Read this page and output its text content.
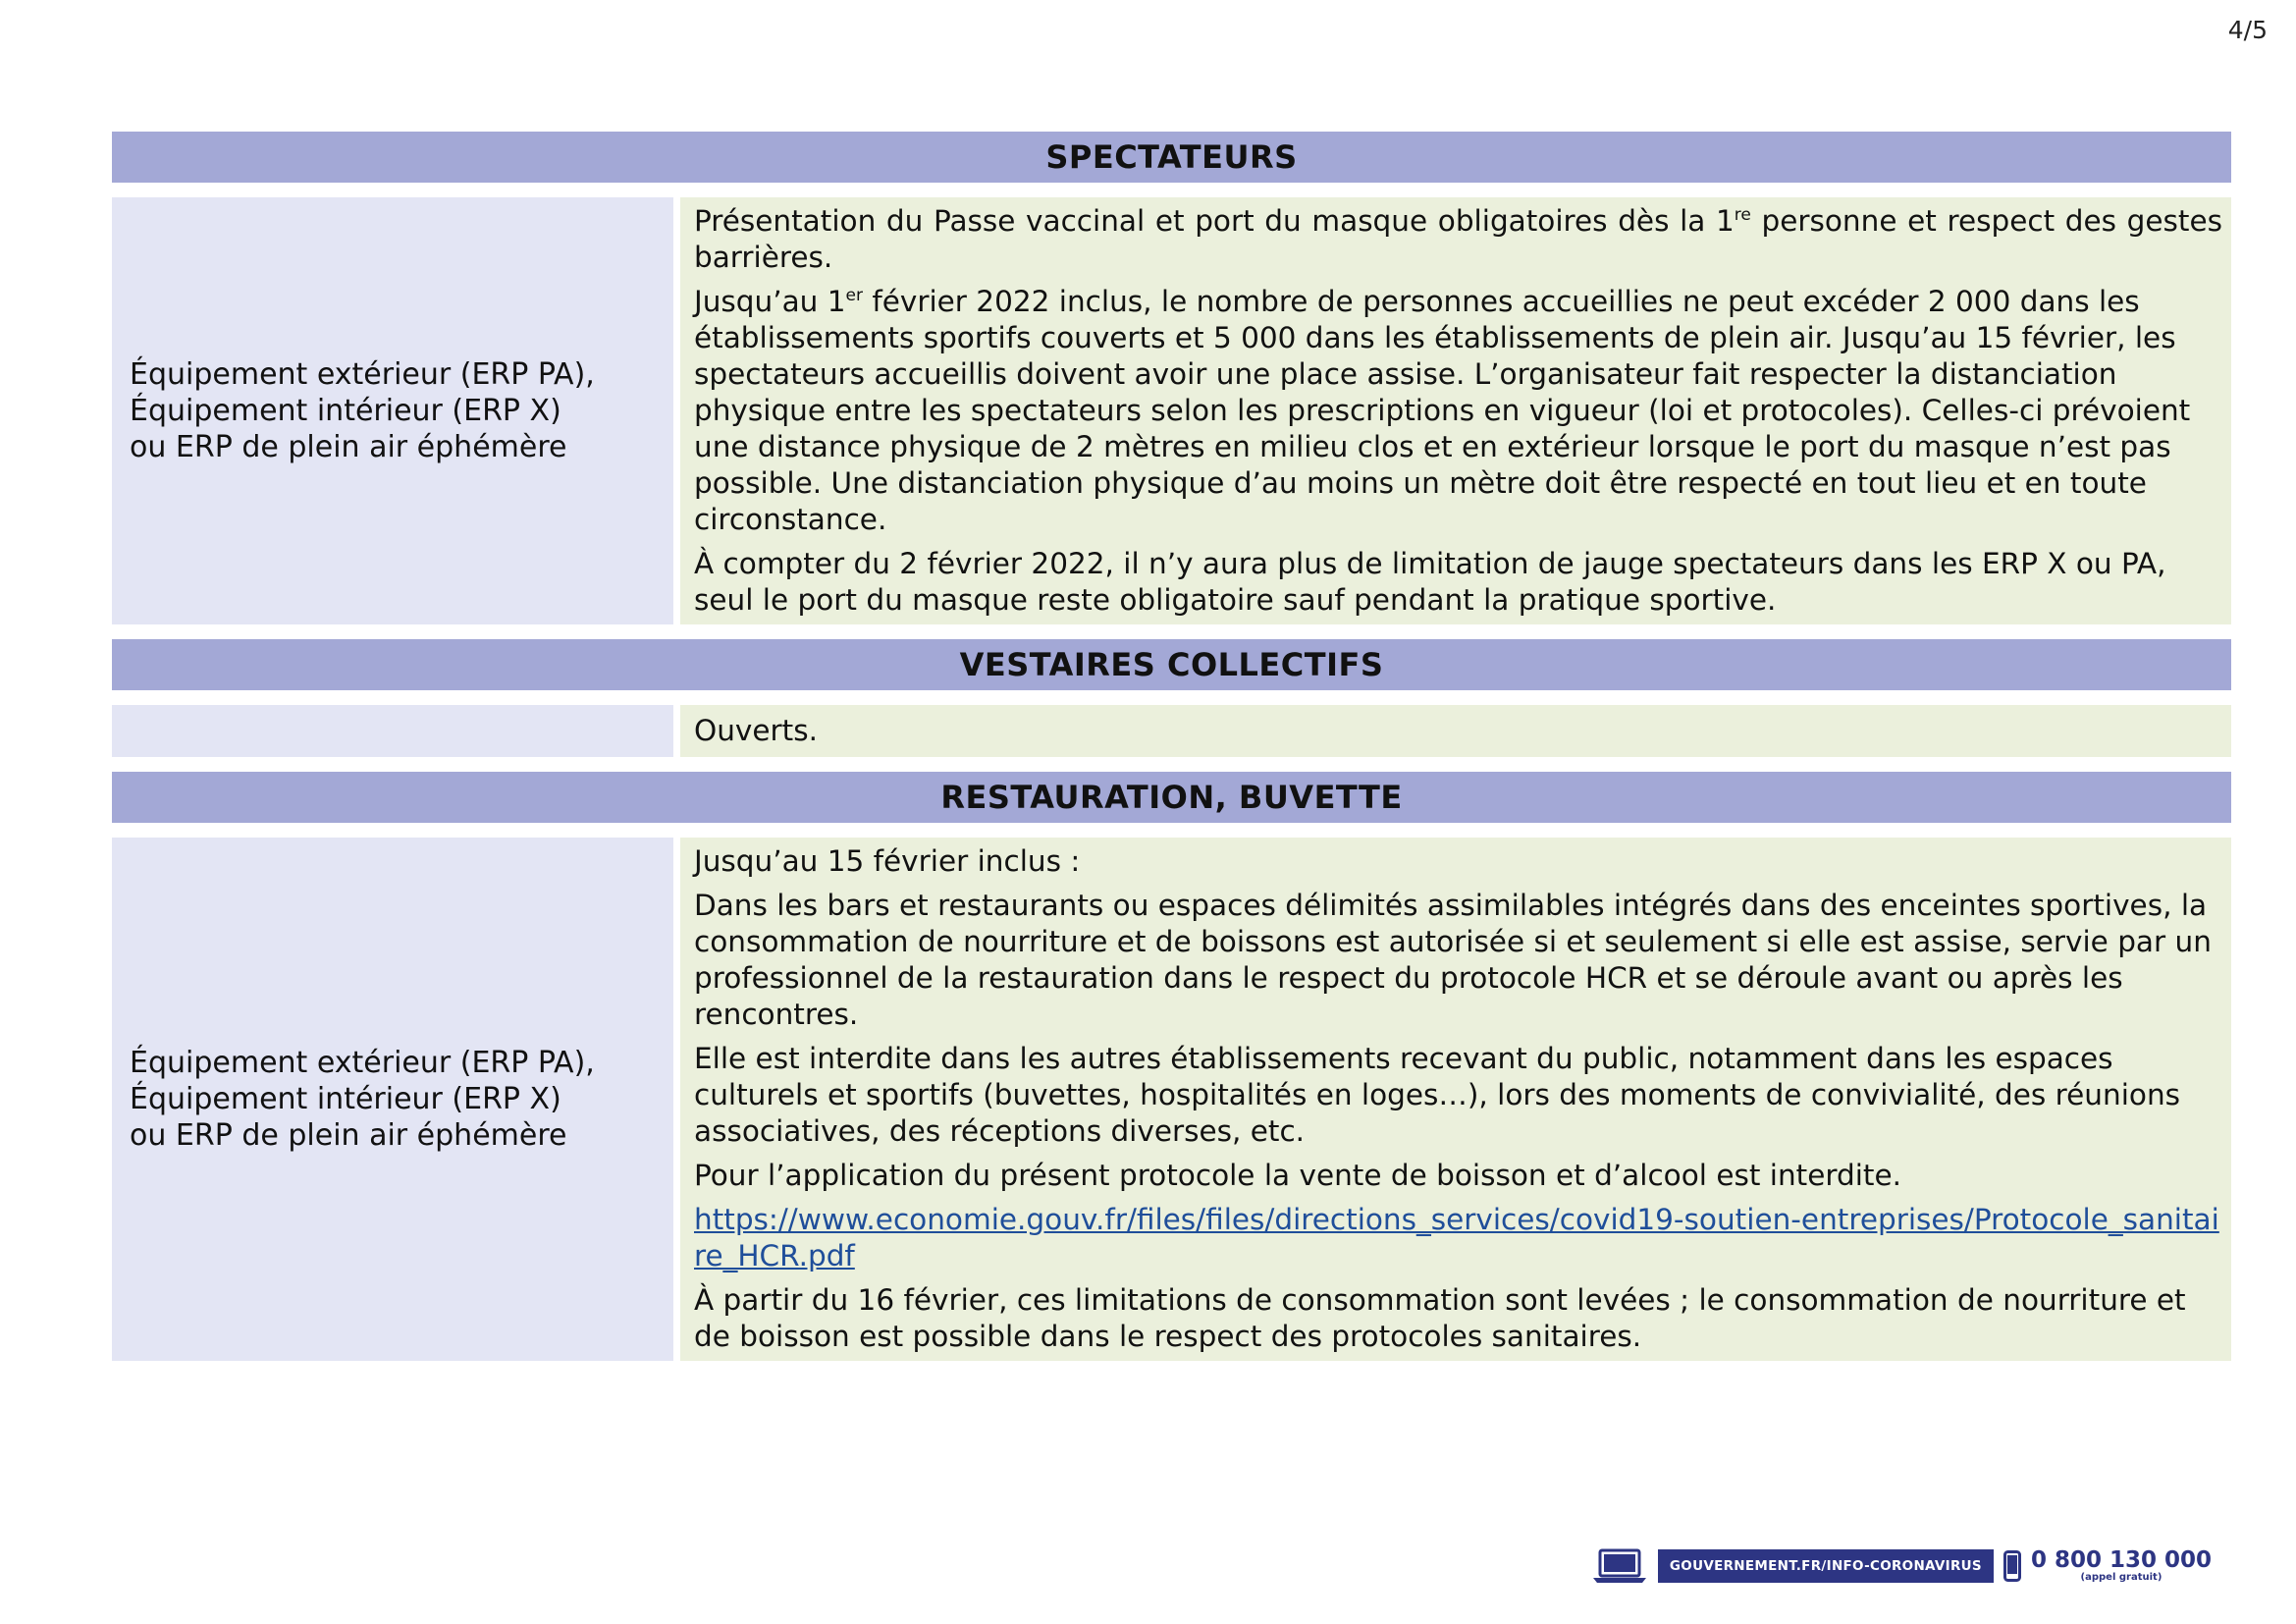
4/5
SPECTATEURS
Équipement extérieur (ERP PA),
Équipement intérieur (ERP X)
ou ERP de plein air éphémère

Présentation du Passe vaccinal et port du masque obligatoires dès la 1re personne et respect des gestes barrières.

Jusqu’au 1er février 2022 inclus, le nombre de personnes accueillies ne peut excéder 2 000 dans les établissements sportifs couverts et 5 000 dans les établissements de plein air. Jusqu’au 15 février, les spectateurs accueillis doivent avoir une place assise. L’organisateur fait respecter la distanciation physique entre les spectateurs selon les prescriptions en vigueur (loi et protocoles). Celles-ci prévoient une distance physique de 2 mètres en milieu clos et en extérieur lorsque le port du masque n’est pas possible. Une distanciation physique d’au moins un mètre doit être respecté en tout lieu et en toute circonstance.

À compter du 2 février 2022, il n’y aura plus de limitation de jauge spectateurs dans les ERP X ou PA, seul le port du masque reste obligatoire sauf pendant la pratique sportive.

VESTAIRES COLLECTIFS
Ouverts.
RESTAURATION, BUVETTE
Équipement extérieur (ERP PA),
Équipement intérieur (ERP X)
ou ERP de plein air éphémère

Jusqu’au 15 février inclus :

Dans les bars et restaurants ou espaces délimités assimilables intégrés dans des enceintes sportives, la consommation de nourriture et de boissons est autorisée si et seulement si elle est assise, servie par un professionnel de la restauration dans le respect du protocole HCR et se déroule avant ou après les rencontres.

Elle est interdite dans les autres établissements recevant du public, notamment dans les espaces culturels et sportifs (buvettes, hospitalités en loges…), lors des moments de convivialité, des réunions associatives, des réceptions diverses, etc.

Pour l’application du présent protocole la vente de boisson et d’alcool est interdite.

https://www.economie.gouv.fr/files/files/directions_services/covid19-soutien-entreprises/Protocole_sanitaire_HCR.pdf

À partir du 16 février, ces limitations de consommation sont levées ; le consommation de nourriture et de boisson est possible dans le respect des protocoles sanitaires.

GOUVERNEMENT.FR/INFO-CORONAVIRUS	0 800 130 000
(appel gratuit)
